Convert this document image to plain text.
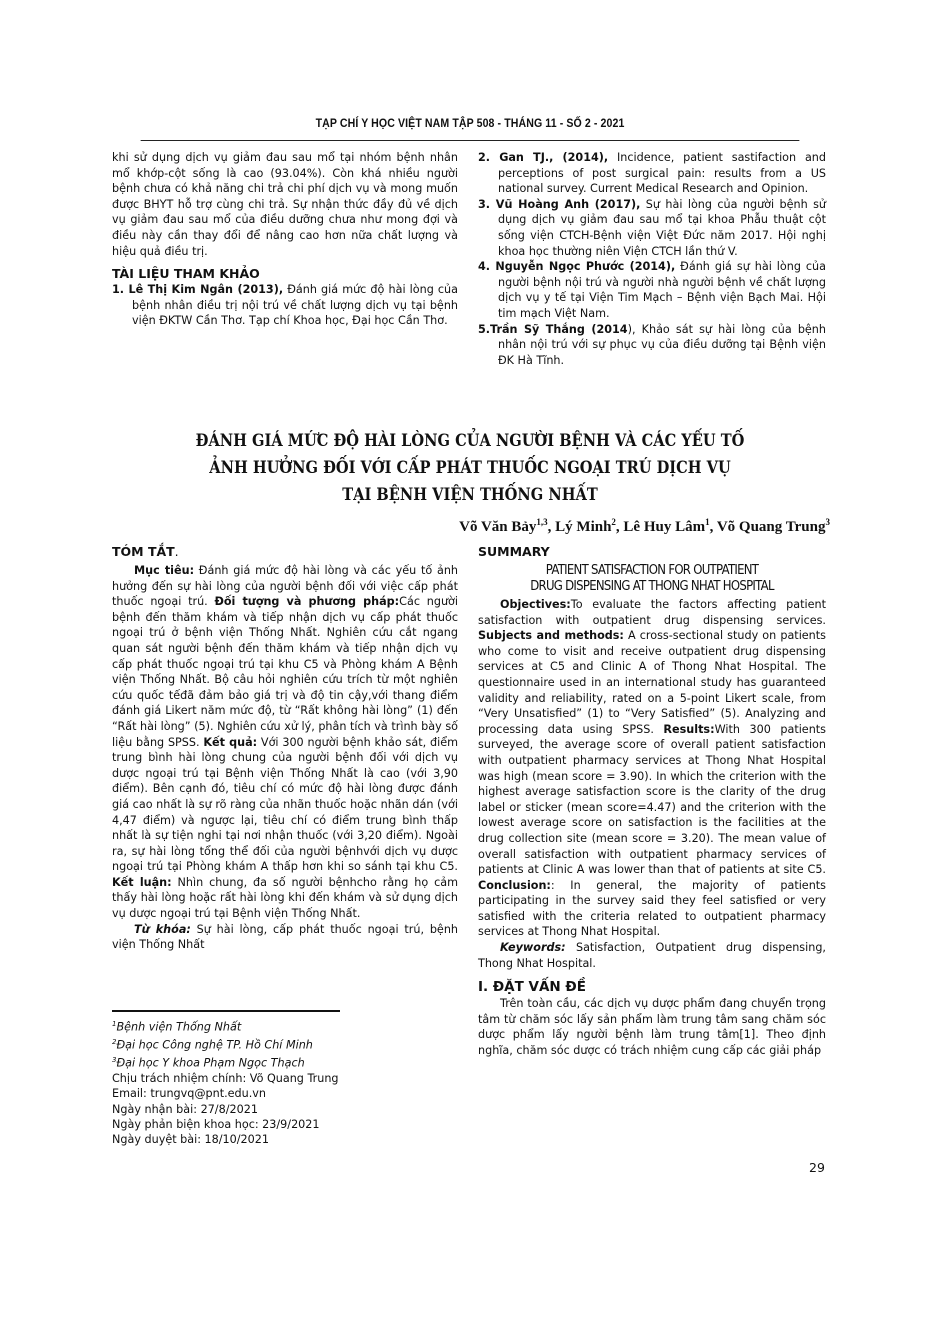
TẠP CHÍ Y HỌC VIỆT NAM TẬP 508 - THÁNG 11 - SỐ 2 - 2021

khi sử dụng dịch vụ giảm đau sau mổ tại nhóm bệnh nhân mổ khớp-cột sống là cao (93.04%). Còn khá nhiều người bệnh chưa có khả năng chi trả chi phí dịch vụ và mong muốn được BHYT hỗ trợ cùng chi trả. Sự nhận thức đầy đủ về dịch vụ giảm đau sau mổ của điều dưỡng chưa như mong đợi và điều này cần thay đổi để nâng cao hơn nữa chất lượng và hiệu quả điều trị.

TÀI LIỆU THAM KHẢO

1. Lê Thị Kim Ngân (2013), Đánh giá mức độ hài lòng của bệnh nhân điều trị nội trú về chất lượng dịch vụ tại bệnh viện ĐKTW Cần Thơ. Tạp chí Khoa học, Đại học Cần Thơ.

2. Gan TJ., (2014), Incidence, patient sastifaction and perceptions of post surgical pain: results from a US national survey. Current Medical Research and Opinion.

3. Vũ Hoàng Anh (2017), Sự hài lòng của người bệnh sử dụng dịch vụ giảm đau sau mổ tại khoa Phẫu thuật cột sống viện CTCH-Bệnh viện Việt Đức năm 2017. Hội nghị khoa học thường niên Viện CTCH lần thứ V.

4. Nguyễn Ngọc Phước (2014), Đánh giá sự hài lòng của người bệnh nội trú và người nhà người bệnh về chất lượng dịch vụ y tế tại Viện Tim Mạch – Bệnh viện Bạch Mai. Hội tim mạch Việt Nam.

5.Trần Sỹ Thắng (2014), Khảo sát sự hài lòng của bệnh nhân nội trú với sự phục vụ của điều dưỡng tại Bệnh viện ĐK Hà Tĩnh.

ĐÁNH GIÁ MỨC ĐỘ HÀI LÒNG CỦA NGƯỜI BỆNH VÀ CÁC YẾU TỐ
ẢNH HƯỞNG ĐỐI VỚI CẤP PHÁT THUỐC NGOẠI TRÚ DỊCH VỤ
TẠI BỆNH VIỆN THỐNG NHẤT
Võ Văn Bảy$^{1,3}$, Lý Minh$^2$, Lê Huy Lâm$^1$, Võ Quang Trung$^3$

TÓM TẮT.

Mục tiêu: Đánh giá mức độ hài lòng và các yếu tố ảnh hưởng đến sự hài lòng của người bệnh đối với việc cấp phát thuốc ngoại trú. Đối tượng và phương pháp:Các người bệnh đến thăm khám và tiếp nhận dịch vụ cấp phát thuốc ngoại trú ở bệnh viện Thống Nhất. Nghiên cứu cắt ngang quan sát người bệnh đến thăm khám và tiếp nhận dịch vụ cấp phát thuốc ngoại trú tại khu C5 và Phòng khám A Bệnh viện Thống Nhất. Bộ câu hỏi nghiên cứu trích từ một nghiên cứu quốc tếđã đảm bảo giá trị và độ tin cậy,với thang điểm đánh giá Likert năm mức độ, từ “Rất không hài lòng” (1) đến “Rất hài lòng” (5). Nghiên cứu xử lý, phân tích và trình bày số liệu bằng SPSS. Kết quả: Với 300 người bệnh khảo sát, điểm trung bình hài lòng chung của người bệnh đối với dịch vụ dược ngoại trú tại Bệnh viện Thống Nhất là cao (với 3,90 điểm). Bên cạnh đó, tiêu chí có mức độ hài lòng được đánh giá cao nhất là sự rõ ràng của nhãn thuốc hoặc nhãn dán (với 4,47 điểm) và ngược lại, tiêu chí có điểm trung bình thấp nhất là sự tiện nghi tại nơi nhận thuốc (với 3,20 điểm). Ngoài ra, sự hài lòng tổng thể đối của người bệnhvới dịch vụ dược ngoại trú tại Phòng khám A thấp hơn khi so sánh tại khu C5. Kết luận: Nhìn chung, đa số người bệnhcho rằng họ cảm thấy hài lòng hoặc rất hài lòng khi đến khám và sử dụng dịch vụ dược ngoại trú tại Bệnh viện Thống Nhất.

Từ khóa: Sự hài lòng, cấp phát thuốc ngoại trú, bệnh viện Thống Nhất

SUMMARY

PATIENT SATISFACTION FOR OUTPATIENT
DRUG DISPENSING AT THONG NHAT HOSPITAL

Objectives:To evaluate the factors affecting patient satisfaction with outpatient drug dispensing services. Subjects and methods: A cross-sectional study on patients who come to visit and receive outpatient drug dispensing services at C5 and Clinic A of Thong Nhat Hospital. The questionnaire used in an international study has guaranteed validity and reliability, rated on a 5-point Likert scale, from “Very Unsatisfied” (1) to “Very Satisfied” (5). Analyzing and processing data using SPSS. Results:With 300 patients surveyed, the average score of overall patient satisfaction with outpatient pharmacy services at Thong Nhat Hospital was high (mean score = 3.90). In which the criterion with the highest average satisfaction score is the clarity of the drug label or sticker (mean score=4.47) and the criterion with the lowest average score on satisfaction is the facilities at the drug collection site (mean score = 3.20). The mean value of overall satisfaction with outpatient pharmacy services of patients at Clinic A was lower than that of patients at site C5. Conclusion:: In general, the majority of patients participating in the survey said they feel satisfied or very satisfied with the criteria related to outpatient pharmacy services at Thong Nhat Hospital.

Keywords: Satisfaction, Outpatient drug dispensing, Thong Nhat Hospital.

I. ĐẶT VẤN ĐỀ

Trên toàn cầu, các dịch vụ dược phẩm đang chuyển trọng tâm từ chăm sóc lấy sản phẩm làm trung tâm sang chăm sóc dược phẩm lấy người bệnh làm trung tâm[1]. Theo định nghĩa, chăm sóc dược có trách nhiệm cung cấp các giải pháp

$^1$Bệnh viện Thống Nhất

$^2$Đại học Công nghệ TP. Hồ Chí Minh

$^3$Đại học Y khoa Phạm Ngọc Thạch

Chịu trách nhiệm chính: Võ Quang Trung

Email: trungvq@pnt.edu.vn

Ngày nhận bài: 27/8/2021

Ngày phản biện khoa học: 23/9/2021

Ngày duyệt bài: 18/10/2021

29
